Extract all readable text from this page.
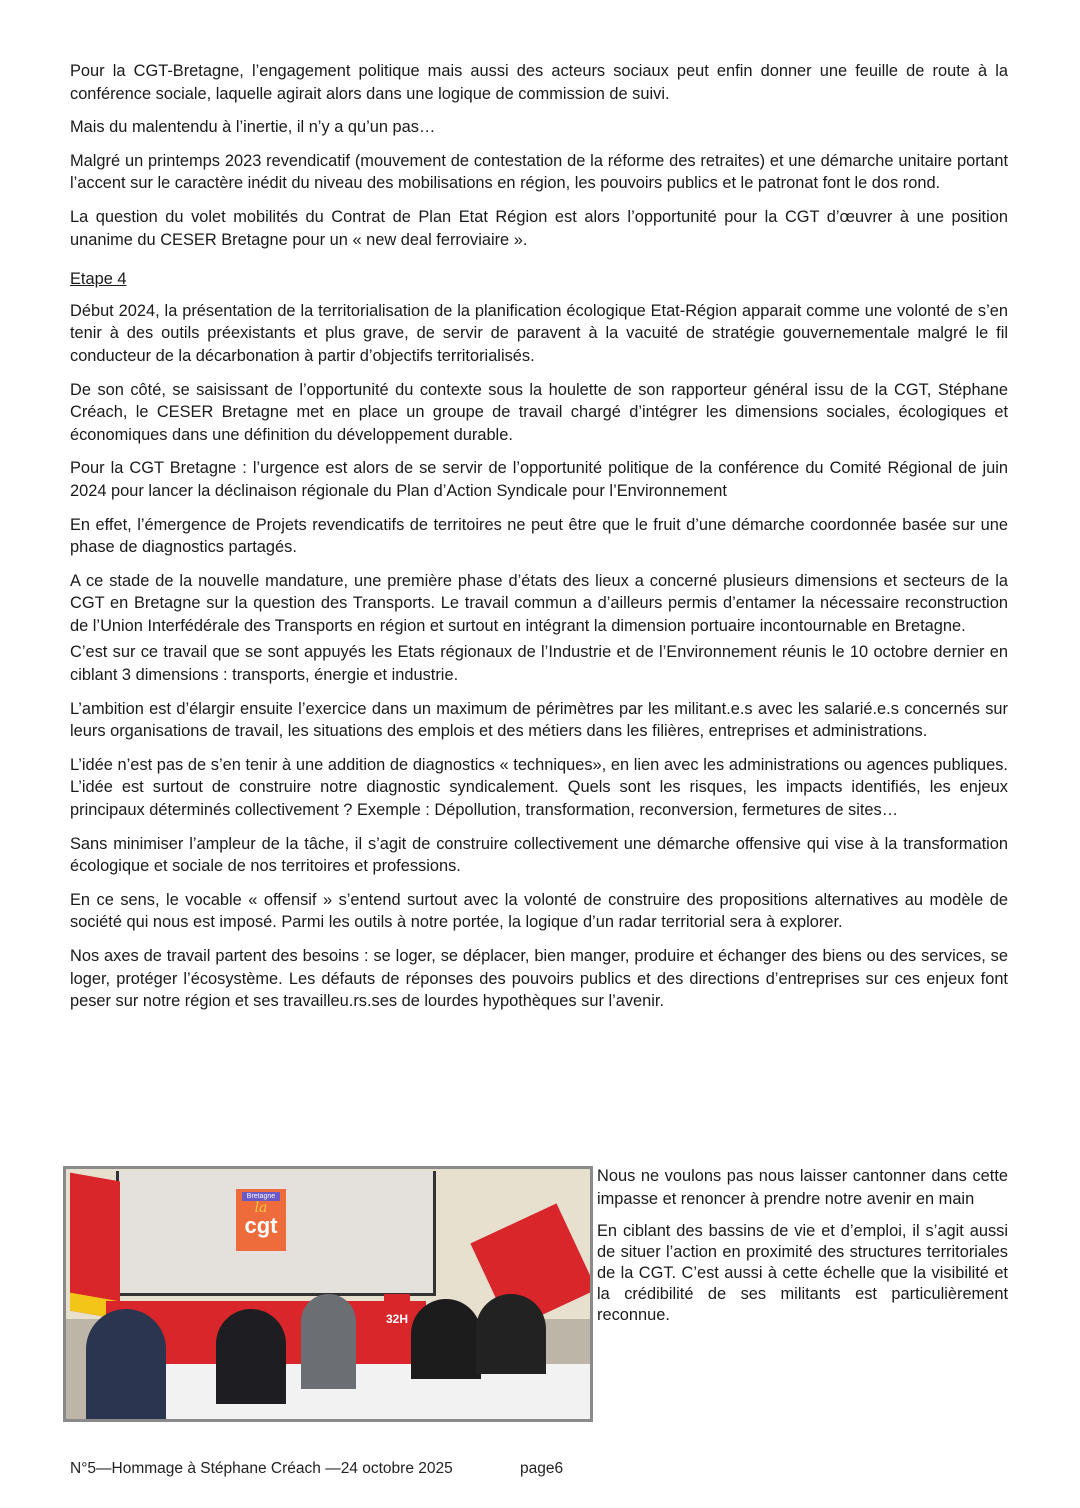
Pour la CGT-Bretagne, l’engagement politique mais aussi des acteurs sociaux peut enfin donner une feuille de route à la conférence sociale, laquelle agirait alors dans une logique de commission de suivi.

Mais du malentendu à l’inertie, il n’y a qu’un pas…

Malgré un printemps 2023 revendicatif (mouvement de contestation de la réforme des retraites) et une démarche unitaire portant l’accent sur le caractère inédit du niveau des mobilisations en région, les pouvoirs publics et le patronat font le dos rond.

La question du volet mobilités du Contrat de Plan Etat Région est alors l’opportunité pour la CGT d’œuvrer à une position unanime du CESER Bretagne pour un « new deal ferroviaire ».

Etape 4

Début 2024, la présentation de la territorialisation de la planification écologique Etat-Région apparait comme une volonté de s’en tenir à des outils préexistants et plus grave, de servir de paravent à la vacuité de stratégie gouvernementale malgré le fil conducteur de la décarbonation à partir d’objectifs territorialisés.

De son côté, se saisissant de l’opportunité du contexte sous la houlette de son rapporteur général issu de la CGT, Stéphane Créach, le CESER Bretagne met en place un groupe de travail chargé d’intégrer les dimensions sociales, écologiques et économiques dans une définition du développement durable.

Pour la CGT Bretagne : l’urgence est alors de se servir de l’opportunité politique de la conférence du Comité Régional de juin 2024 pour lancer la déclinaison régionale du Plan d’Action Syndicale pour l’Environnement

En effet, l’émergence de Projets revendicatifs de territoires ne peut être que le fruit d’une démarche coordonnée basée sur une phase de diagnostics partagés.

A ce stade de la nouvelle mandature, une première phase d’états des lieux a concerné plusieurs dimensions et secteurs de la CGT en Bretagne sur la question des Transports. Le travail commun a d’ailleurs permis d’entamer la nécessaire reconstruction de l’Union Interfédérale des Transports en région et surtout en intégrant la dimension portuaire incontournable en Bretagne.

C’est sur ce travail que se sont appuyés les Etats régionaux de l’Industrie et de l’Environnement réunis le 10 octobre dernier en ciblant 3 dimensions : transports, énergie et industrie.

L’ambition est d’élargir ensuite l’exercice dans un maximum de périmètres par les militant.e.s avec les salarié.e.s concernés sur leurs organisations de travail, les situations des emplois et des métiers dans les filières, entreprises et administrations.

L’idée n’est pas de s’en tenir à une addition de diagnostics « techniques», en lien avec les administrations ou agences publiques. L’idée est surtout de construire notre diagnostic syndicalement. Quels sont les risques, les impacts identifiés, les enjeux principaux déterminés collectivement ? Exemple : Dépollution, transformation, reconversion, fermetures de sites…

Sans minimiser l’ampleur de la tâche, il s’agit de construire collectivement une démarche offensive qui vise à la transformation écologique et sociale de nos territoires et professions.

En ce sens, le vocable « offensif » s’entend surtout avec la volonté de construire des propositions alternatives au modèle de société qui nous est imposé. Parmi les outils à notre portée, la logique d’un radar territorial sera à explorer.

Nos axes de travail partent des besoins : se loger, se déplacer, bien manger, produire et échanger des biens ou des services, se loger, protéger l’écosystème. Les défauts de réponses des pouvoirs publics et des directions d’entreprises sur ces enjeux font peser sur notre région et ses travailleu.rs.ses de lourdes hypothèques sur l’avenir.

Bretagne
la
cgt
32H

Nous ne voulons pas nous laisser cantonner dans cette impasse et renoncer à prendre notre avenir en main

En ciblant des bassins de vie et d’emploi, il s’agit aussi de situer l’action en proximité des structures territoriales de la CGT. C’est aussi à cette échelle que la visibilité et la crédibilité de ses militants est particulièrement reconnue.

N°5—Hommage à Stéphane Créach —24 octobre 2025	page6
